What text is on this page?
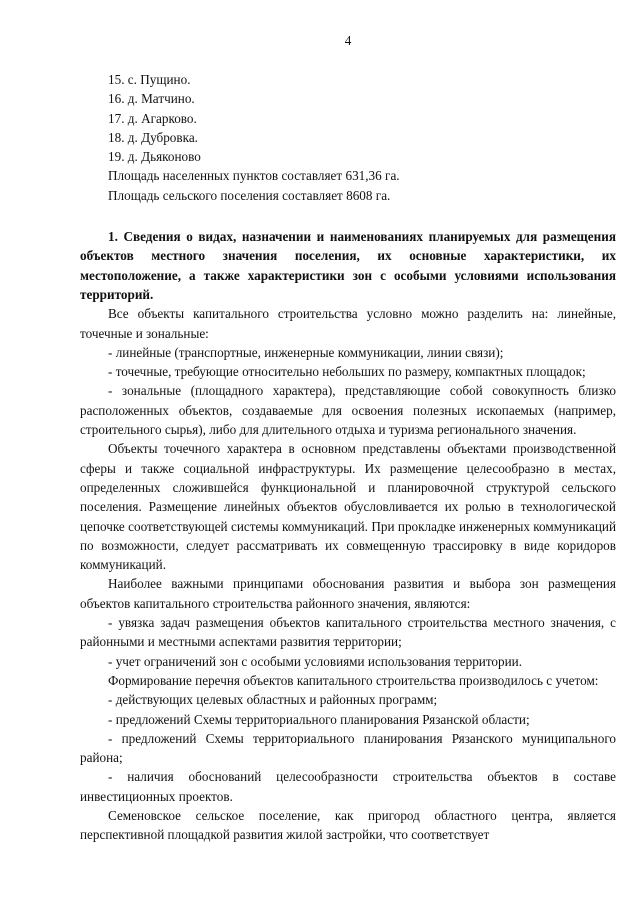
4

15. с. Пущино.

16. д. Матчино.

17. д. Агарково.

18. д. Дубровка.

19. д. Дьяконово

Площадь населенных пунктов составляет 631,36 га.

Площадь сельского поселения составляет 8608 га.

1. Сведения о видах, назначении и наименованиях планируемых для размещения объектов местного значения поселения, их основные характеристики, их местоположение, а также характеристики зон с особыми условиями использования территорий.

Все объекты капитального строительства условно можно разделить на: линейные, точечные и зональные:

- линейные (транспортные, инженерные коммуникации, линии связи);

- точечные, требующие относительно небольших по размеру, компактных площадок;

- зональные (площадного характера), представляющие собой совокупность близко расположенных объектов, создаваемые для освоения полезных ископаемых (например, строительного сырья), либо для длительного отдыха и туризма регионального значения.

Объекты точечного характера в основном представлены объектами производственной сферы и также социальной инфраструктуры. Их размещение целесообразно в местах, определенных сложившейся функциональной и планировочной структурой сельского поселения. Размещение линейных объектов обусловливается их ролью в технологической цепочке соответствующей системы коммуникаций. При прокладке инженерных коммуникаций по возможности, следует рассматривать их совмещенную трассировку в виде коридоров коммуникаций.

Наиболее важными принципами обоснования развития и выбора зон размещения объектов капитального строительства районного значения, являются:

- увязка задач размещения объектов капитального строительства местного значения, с районными и местными аспектами развития территории;

- учет ограничений зон с особыми условиями использования территории.

Формирование перечня объектов капитального строительства производилось с учетом:

- действующих целевых областных и районных программ;

- предложений Схемы территориального планирования Рязанской области;

- предложений Схемы территориального планирования Рязанского муниципального района;

- наличия обоснований целесообразности строительства объектов в составе инвестиционных проектов.

Семеновское сельское поселение, как пригород областного центра, является перспективной площадкой развития жилой застройки, что соответствует
